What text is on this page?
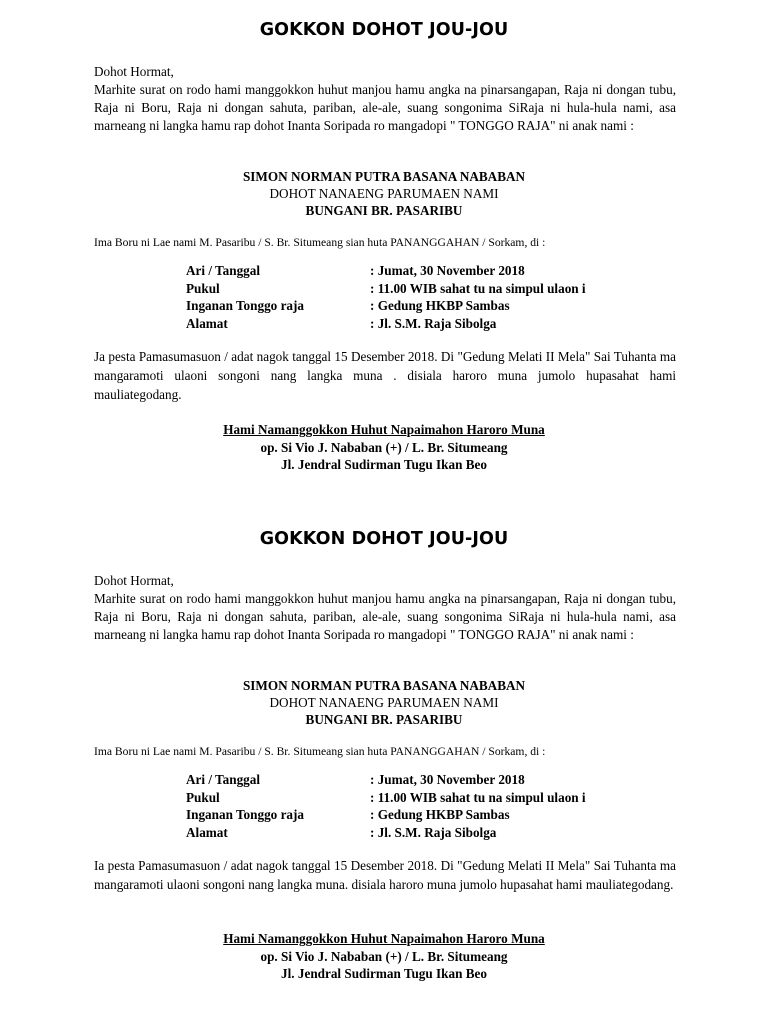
GOKKON DOHOT JOU-JOU
Dohot Hormat,
Marhite surat on rodo hami manggokkon huhut manjou hamu angka na pinarsangapan, Raja ni dongan tubu, Raja ni Boru, Raja ni dongan sahuta, pariban, ale-ale, suang songonima SiRaja ni hula-hula nami, asa marneang ni langka hamu rap dohot Inanta Soripada ro mangadopi " TONGGO RAJA" ni anak nami :
SIMON NORMAN PUTRA BASANA NABABAN
DOHOT NANAENG PARUMAEN NAMI
BUNGANI BR. PASARIBU
Ima Boru ni Lae nami M. Pasaribu / S. Br. Situmeang sian huta PANANGGAHAN / Sorkam, di :
Ari / Tanggal	: Jumat, 30 November 2018
Pukul	: 11.00 WIB sahat tu na simpul ulaon i
Inganan Tonggo raja	: Gedung HKBP Sambas
Alamat	: Jl. S.M. Raja Sibolga
Ja pesta Pamasumasuon / adat nagok tanggal 15 Desember 2018. Di "Gedung Melati II Mela" Sai Tuhanta ma mangaramoti ulaoni songoni nang langka muna . disiala haroro muna jumolo hupasahat hami mauliategodang.
Hami Namanggokkon Huhut Napaimahon Haroro Muna
op. Si Vio J. Nababan (+) / L. Br. Situmeang
Jl. Jendral Sudirman Tugu Ikan Beo
GOKKON DOHOT JOU-JOU
Dohot Hormat,
Marhite surat on rodo hami manggokkon huhut manjou hamu angka na pinarsangapan, Raja ni dongan tubu, Raja ni Boru, Raja ni dongan sahuta, pariban, ale-ale, suang songonima SiRaja ni hula-hula nami, asa marneang ni langka hamu rap dohot Inanta Soripada ro mangadopi " TONGGO RAJA" ni anak nami :
SIMON NORMAN PUTRA BASANA NABABAN
DOHOT NANAENG PARUMAEN NAMI
BUNGANI BR. PASARIBU
Ima Boru ni Lae nami M. Pasaribu / S. Br. Situmeang sian huta PANANGGAHAN / Sorkam, di :
Ari / Tanggal	: Jumat, 30 November 2018
Pukul	: 11.00 WIB sahat tu na simpul ulaon i
Inganan Tonggo raja	: Gedung HKBP Sambas
Alamat	: Jl. S.M. Raja Sibolga
Ia pesta Pamasumasuon / adat nagok tanggal 15 Desember 2018. Di "Gedung Melati II Mela" Sai Tuhanta ma mangaramoti ulaoni songoni nang langka muna. disiala haroro muna jumolo hupasahat hami mauliategodang.
Hami Namanggokkon Huhut Napaimahon Haroro Muna
op. Si Vio J. Nababan (+) / L. Br. Situmeang
Jl. Jendral Sudirman Tugu Ikan Beo
